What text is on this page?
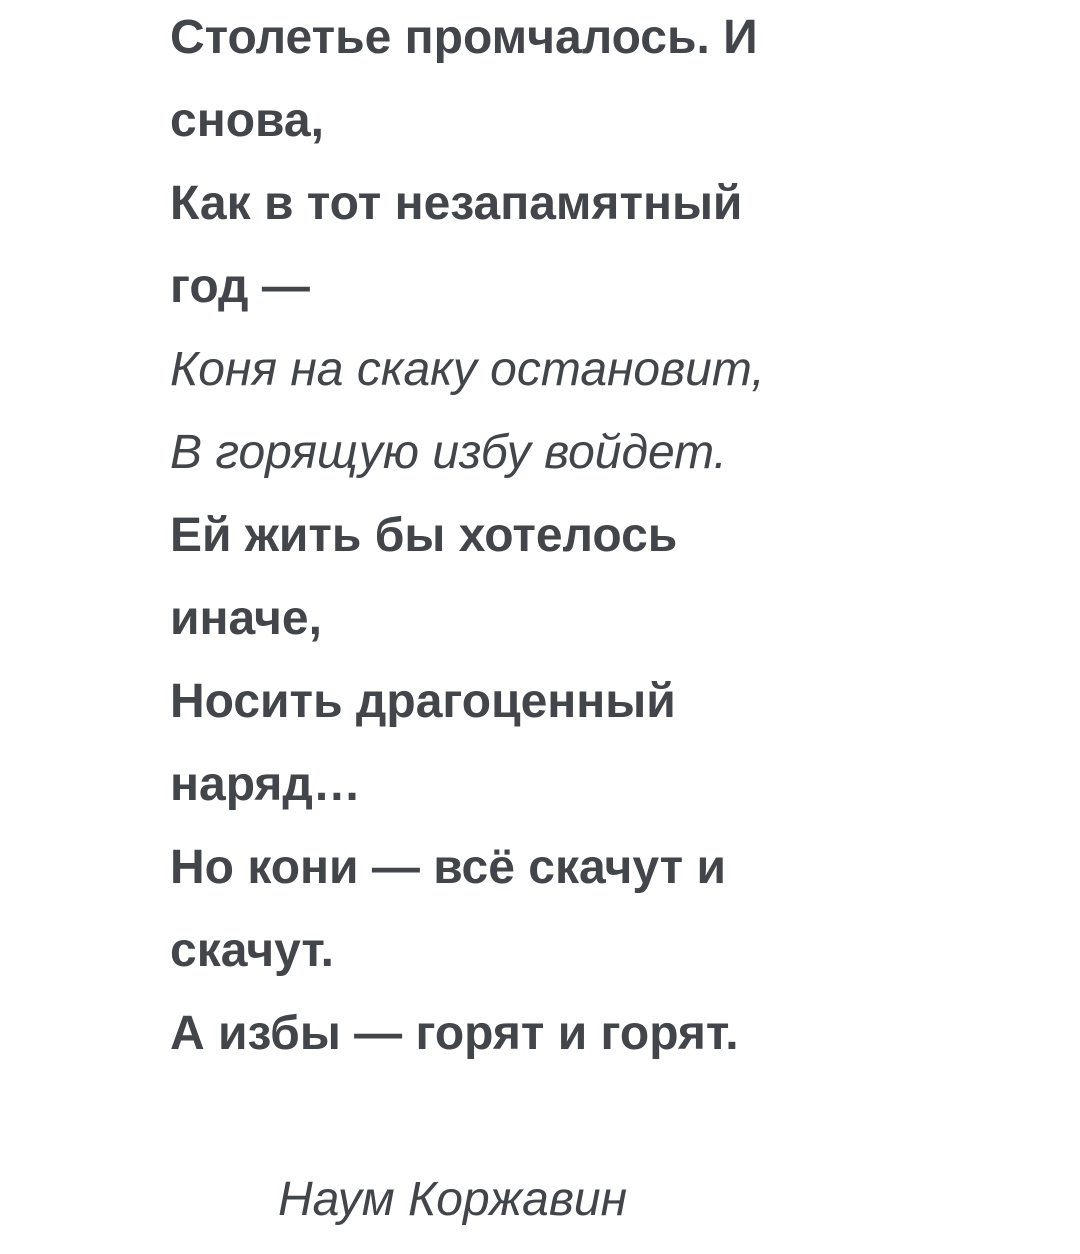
Столетье промчалось. И
снова,
Как в тот незапамятный
год —
Коня на скаку остановит,
В горящую избу войдет.
Ей жить бы хотелось
иначе,
Носить драгоценный
наряд…
Но кони — всё скачут и
скачут.
А избы — горят и горят.
Наум Коржавин
